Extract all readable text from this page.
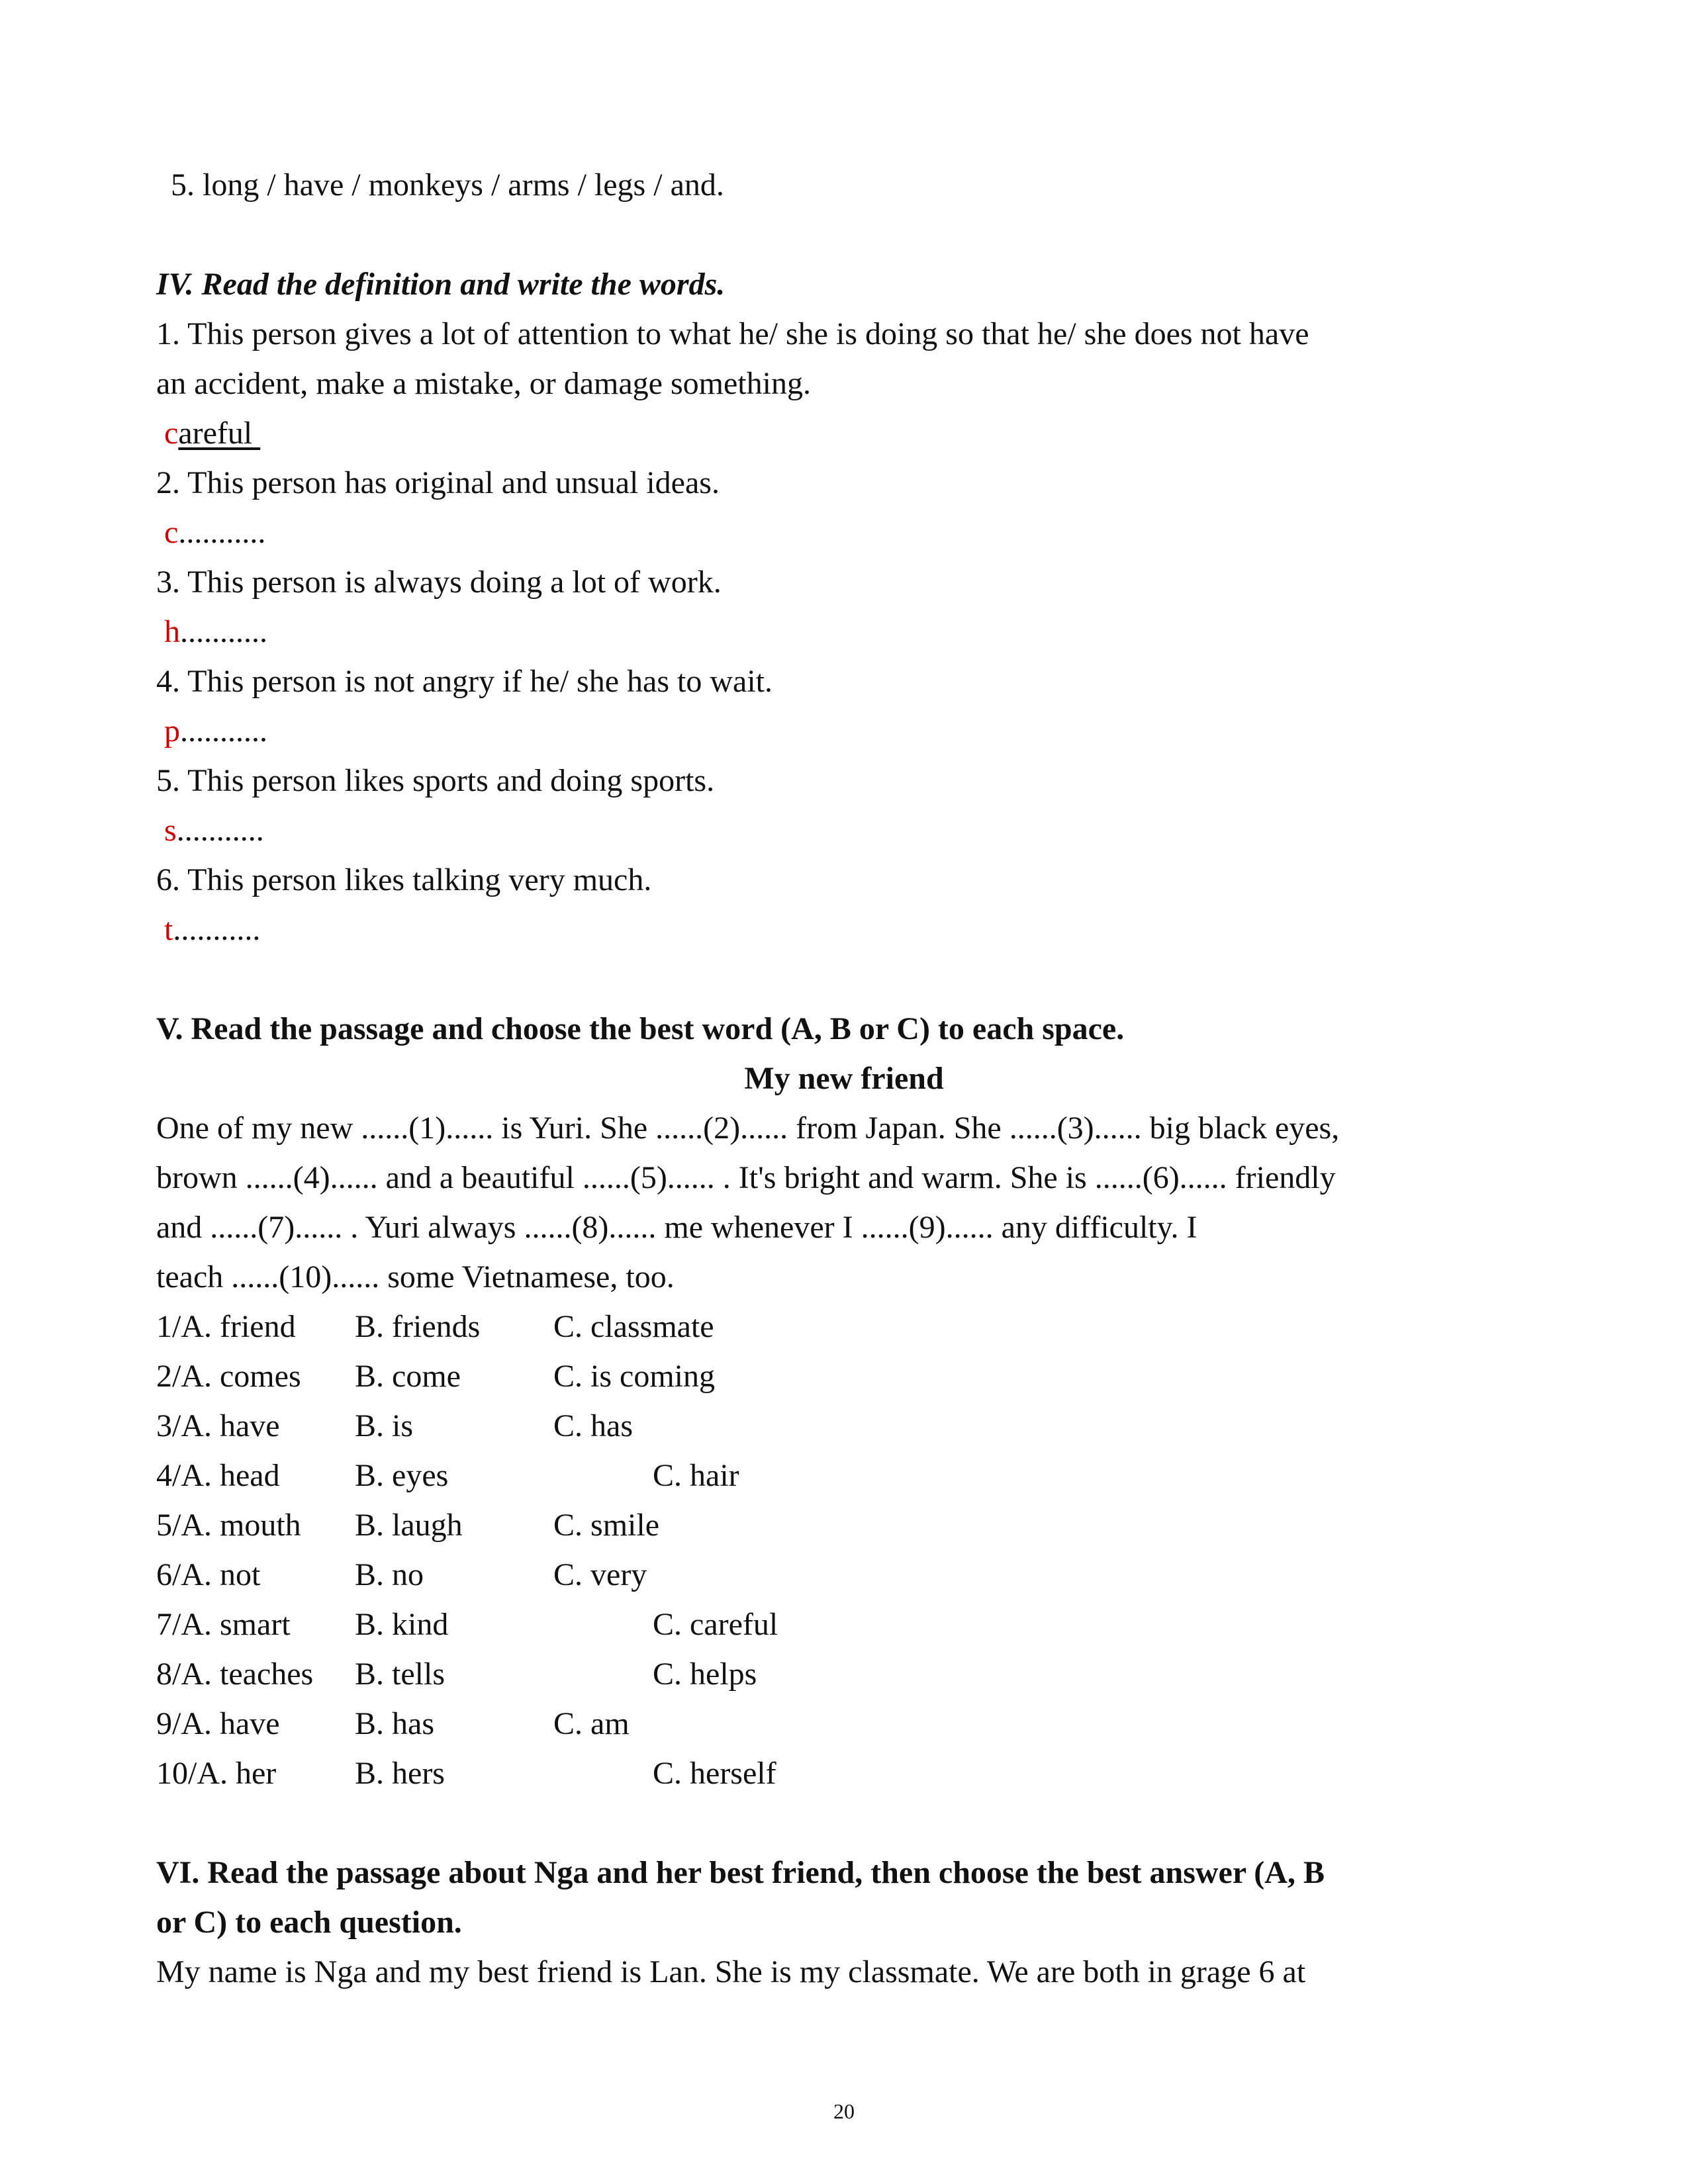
5. long / have / monkeys / arms / legs / and.
IV. Read the definition and write the words.
1. This person gives a lot of attention to what he/ she is doing so that he/ she does not have
an accident, make a mistake, or damage something.
careful
2. This person has original and unsual ideas.
c...........
3. This person is always doing a lot of work.
h...........
4. This person is not angry if he/ she has to wait.
p...........
5. This person likes sports and doing sports.
s...........
6. This person likes talking very much.
t...........
V. Read the passage and choose the best word (A, B or C) to each space.
My new friend
One of my new ......(1)...... is Yuri. She ......(2)...... from Japan. She ......(3)...... big black eyes,
brown ......(4)...... and a beautiful ......(5)...... . It's bright and warm. She is ......(6)...... friendly
and ......(7)...... . Yuri always ......(8)...... me whenever I ......(9)...... any difficulty. I
teach ......(10)...... some Vietnamese, too.
1/A. friend B. friends C. classmate
2/A. comes B. come	C. is coming
3/A. have B. is	C. has
4/A. head B. eyes	C. hair
5/A. mouth B. laugh	C. smile
6/A. not	B. no	C. very
7/A. smart B. kind	C. careful
8/A. teaches B. tells	C. helps
9/A. have B. has	C. am
10/A. her B. hers	C. herself
VI. Read the passage about Nga and her best friend, then choose the best answer (A, B
or C) to each question.
My name is Nga and my best friend is Lan. She is my classmate. We are both in grage 6 at
20
